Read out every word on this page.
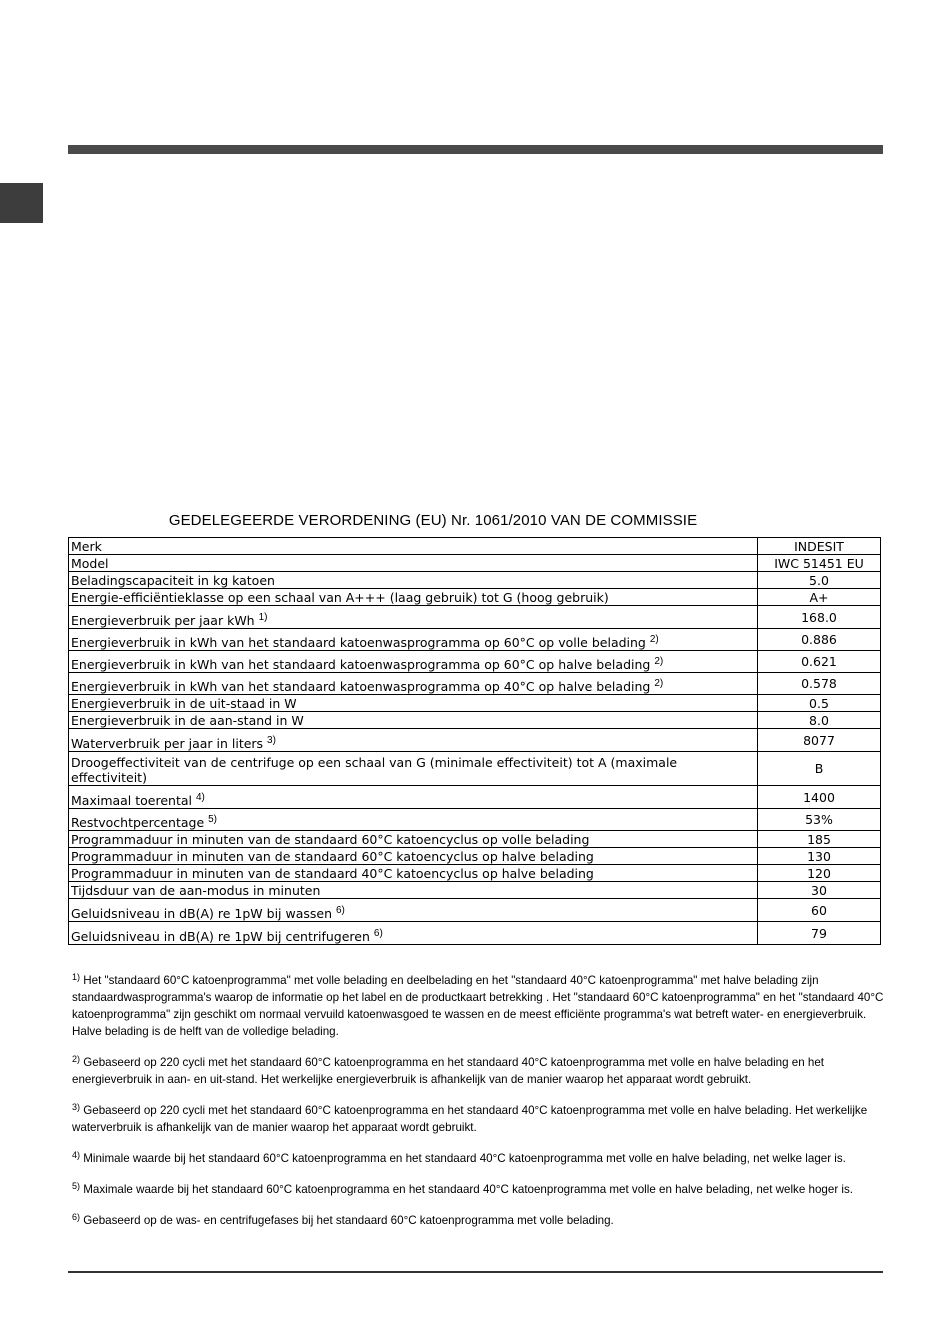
GEDELEGEERDE VERORDENING (EU) Nr. 1061/2010 VAN DE COMMISSIE
Merk	INDESIT
Model	IWC 51451 EU
Beladingscapaciteit in kg katoen	5.0
Energie-efficiëntieklasse op een schaal van A+++ (laag gebruik) tot G (hoog gebruik)	A+
Energieverbruik per jaar kWh $^{1)}$	168.0
Energieverbruik in kWh van het standaard katoenwasprogramma op 60°C op volle belading $^{2)}$	0.886
Energieverbruik in kWh van het standaard katoenwasprogramma op 60°C op halve belading $^{2)}$	0.621
Energieverbruik in kWh van het standaard katoenwasprogramma op 40°C op halve belading $^{2)}$	0.578
Energieverbruik in de uit-staad in W	0.5
Energieverbruik in de aan-stand in W	8.0
Waterverbruik per jaar in liters $^{3)}$	8077
Droogeffectiviteit van de centrifuge op een schaal van G (minimale effectiviteit) tot A (maximale effectiviteit)	B
Maximaal toerental $^{4)}$	1400
Restvochtpercentage $^{5)}$	53%
Programmaduur in minuten van de standaard 60°C katoencyclus op volle belading	185
Programmaduur in minuten van de standaard 60°C katoencyclus op halve belading	130
Programmaduur in minuten van de standaard 40°C katoencyclus op halve belading	120
Tijdsduur van de aan-modus in minuten	30
Geluidsniveau in dB(A) re 1pW bij wassen $^{6)}$	60
Geluidsniveau in dB(A) re 1pW bij centrifugeren $^{6)}$	79

$^{1)}$ Het "standaard 60°C katoenprogramma" met volle belading en deelbelading en het "standaard 40°C katoenprogramma" met halve belading zijn standaardwasprogramma's waarop de informatie op het label en de productkaart betrekking . Het "standaard 60°C katoenprogramma" en het "standaard 40°C katoenprogramma" zijn geschikt om normaal vervuild katoenwasgoed te wassen en de meest efficiënte programma's wat betreft water- en energieverbruik. Halve belading is de helft van de volledige belading.

$^{2)}$ Gebaseerd op 220 cycli met het standaard 60°C katoenprogramma en het standaard 40°C katoenprogramma met volle en halve belading en het energieverbruik in aan- en uit-stand. Het werkelijke energieverbruik is afhankelijk van de manier waarop het apparaat wordt gebruikt.

$^{3)}$ Gebaseerd op 220 cycli met het standaard 60°C katoenprogramma en het standaard 40°C katoenprogramma met volle en halve belading. Het werkelijke waterverbruik is afhankelijk van de manier waarop het apparaat wordt gebruikt.

$^{4)}$ Minimale waarde bij het standaard 60°C katoenprogramma en het standaard 40°C katoenprogramma met volle en halve belading, net welke lager is.

$^{5)}$ Maximale waarde bij het standaard 60°C katoenprogramma en het standaard 40°C katoenprogramma met volle en halve belading, net welke hoger is.

$^{6)}$ Gebaseerd op de was- en centrifugefases bij het standaard 60°C katoenprogramma met volle belading.
